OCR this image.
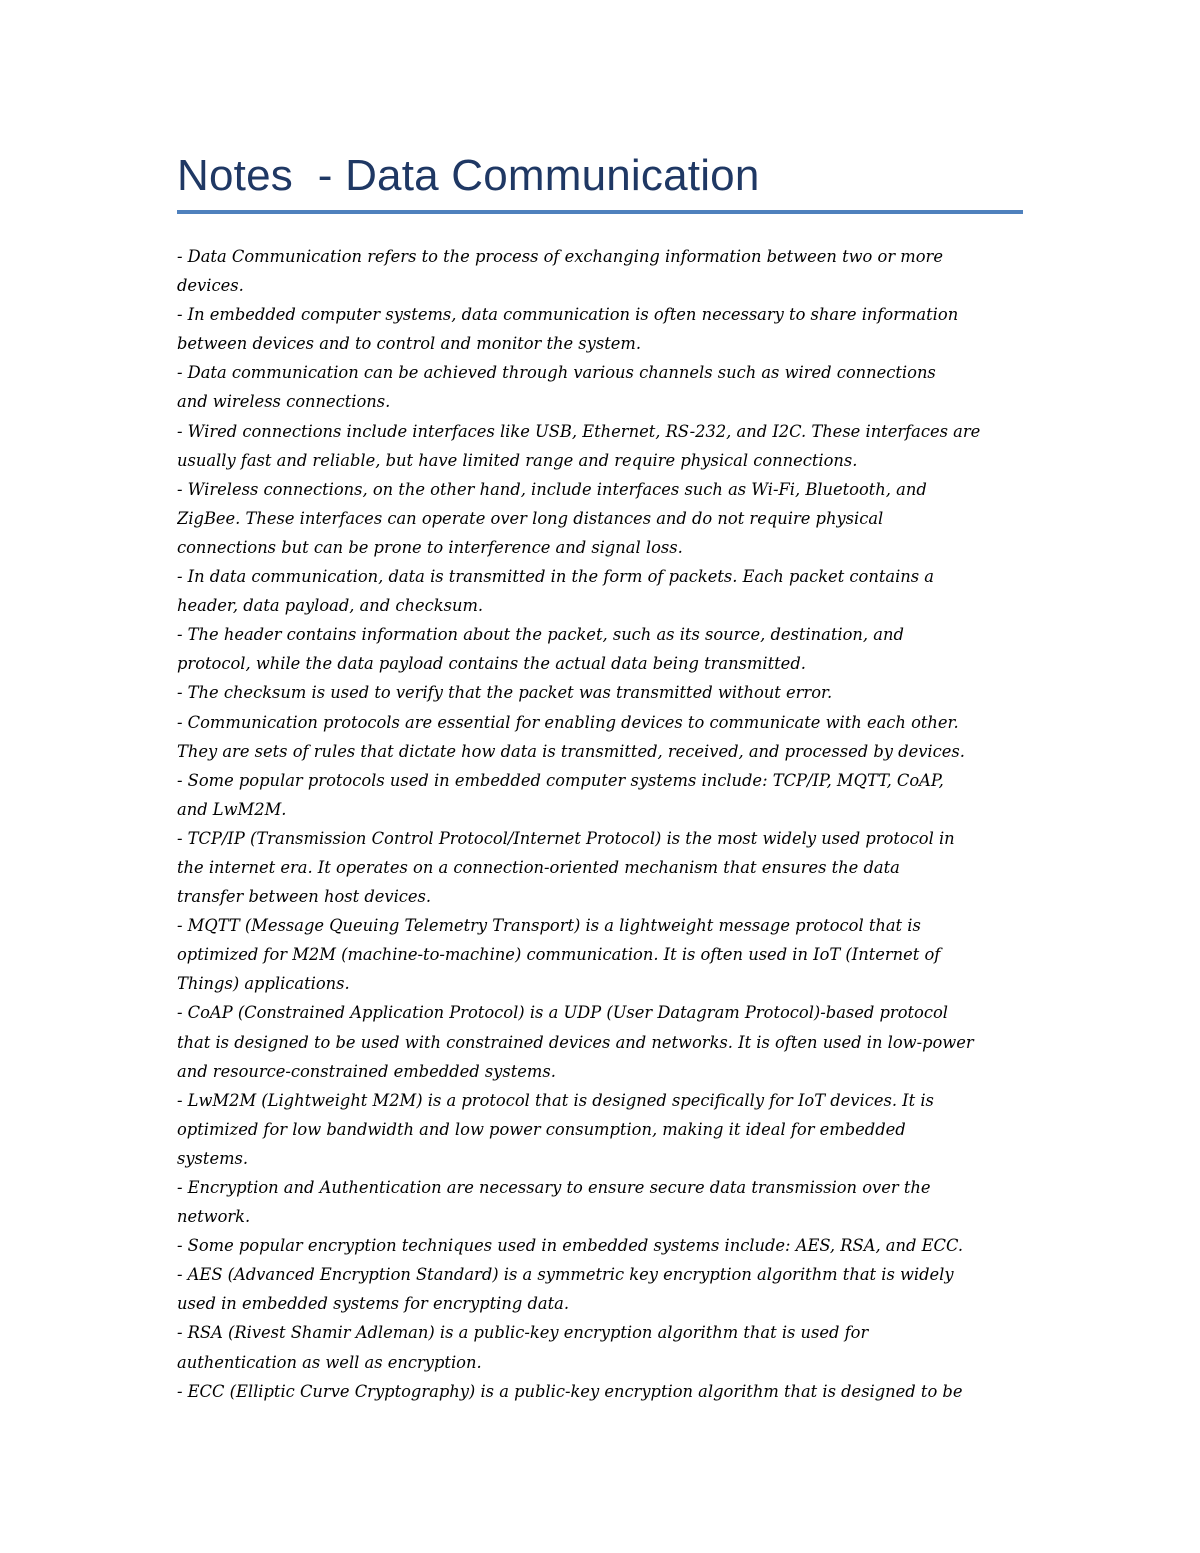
Notes  - Data Communication
- Data Communication refers to the process of exchanging information between two or more
devices.
- In embedded computer systems, data communication is often necessary to share information
between devices and to control and monitor the system.
- Data communication can be achieved through various channels such as wired connections
and wireless connections.
- Wired connections include interfaces like USB, Ethernet, RS-232, and I2C. These interfaces are
usually fast and reliable, but have limited range and require physical connections.
- Wireless connections, on the other hand, include interfaces such as Wi-Fi, Bluetooth, and
ZigBee. These interfaces can operate over long distances and do not require physical
connections but can be prone to interference and signal loss.
- In data communication, data is transmitted in the form of packets. Each packet contains a
header, data payload, and checksum.
- The header contains information about the packet, such as its source, destination, and
protocol, while the data payload contains the actual data being transmitted.
- The checksum is used to verify that the packet was transmitted without error.
- Communication protocols are essential for enabling devices to communicate with each other.
They are sets of rules that dictate how data is transmitted, received, and processed by devices.
- Some popular protocols used in embedded computer systems include: TCP/IP, MQTT, CoAP,
and LwM2M.
- TCP/IP (Transmission Control Protocol/Internet Protocol) is the most widely used protocol in
the internet era. It operates on a connection-oriented mechanism that ensures the data
transfer between host devices.
- MQTT (Message Queuing Telemetry Transport) is a lightweight message protocol that is
optimized for M2M (machine-to-machine) communication. It is often used in IoT (Internet of
Things) applications.
- CoAP (Constrained Application Protocol) is a UDP (User Datagram Protocol)-based protocol
that is designed to be used with constrained devices and networks. It is often used in low-power
and resource-constrained embedded systems.
- LwM2M (Lightweight M2M) is a protocol that is designed specifically for IoT devices. It is
optimized for low bandwidth and low power consumption, making it ideal for embedded
systems.
- Encryption and Authentication are necessary to ensure secure data transmission over the
network.
- Some popular encryption techniques used in embedded systems include: AES, RSA, and ECC.
- AES (Advanced Encryption Standard) is a symmetric key encryption algorithm that is widely
used in embedded systems for encrypting data.
- RSA (Rivest Shamir Adleman) is a public-key encryption algorithm that is used for
authentication as well as encryption.
- ECC (Elliptic Curve Cryptography) is a public-key encryption algorithm that is designed to be
